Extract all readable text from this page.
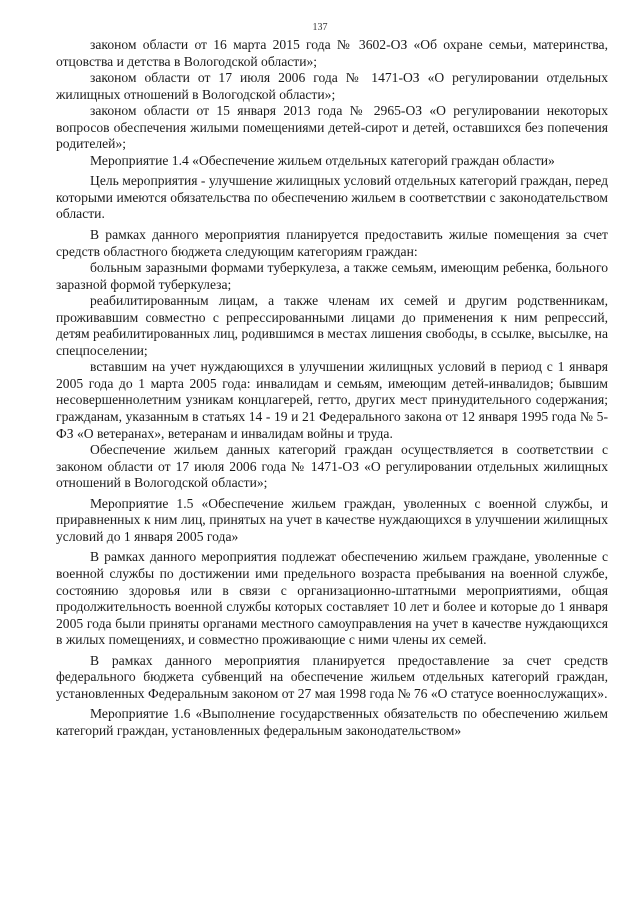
137

законом области от 16 марта 2015 года № 3602-ОЗ «Об охране семьи, материнства, отцовства и детства в Вологодской области»;

законом области от 17 июля 2006 года № 1471-ОЗ «О регулировании отдельных жилищных отношений в Вологодской области»;

законом области от 15 января 2013 года № 2965-ОЗ «О регулировании некоторых вопросов обеспечения жилыми помещениями детей-сирот и детей, оставшихся без попечения родителей»;

Мероприятие 1.4 «Обеспечение жильем отдельных категорий граждан области»

Цель мероприятия - улучшение жилищных условий отдельных категорий граждан, перед которыми имеются обязательства по обеспечению жильем в соответствии с законодательством области.

В рамках данного мероприятия планируется предоставить жилые помещения за счет средств областного бюджета следующим категориям граждан:

больным заразными формами туберкулеза, а также семьям, имеющим ребенка, больного заразной формой туберкулеза;

реабилитированным лицам, а также членам их семей и другим родственникам, проживавшим совместно с репрессированными лицами до применения к ним репрессий, детям реабилитированных лиц, родившимся в местах лишения свободы, в ссылке, высылке, на спецпоселении;

вставшим на учет нуждающихся в улучшении жилищных условий в период с 1 января 2005 года до 1 марта 2005 года: инвалидам и семьям, имеющим детей-инвалидов; бывшим несовершеннолетним узникам концлагерей, гетто, других мест принудительного содержания; гражданам, указанным в статьях 14 - 19 и 21 Федерального закона от 12 января 1995 года № 5-ФЗ «О ветеранах», ветеранам и инвалидам войны и труда.

Обеспечение жильем данных категорий граждан осуществляется в соответствии с законом области от 17 июля 2006 года № 1471-ОЗ «О регулировании отдельных жилищных отношений в Вологодской области»;

Мероприятие 1.5 «Обеспечение жильем граждан, уволенных с военной службы, и приравненных к ним лиц, принятых на учет в качестве нуждающихся в улучшении жилищных условий до 1 января 2005 года»

В рамках данного мероприятия подлежат обеспечению жильем граждане, уволенные с военной службы по достижении ими предельного возраста пребывания на военной службе, состоянию здоровья или в связи с организационно-штатными мероприятиями, общая продолжительность военной службы которых составляет 10 лет и более и которые до 1 января 2005 года были приняты органами местного самоуправления на учет в качестве нуждающихся в жилых помещениях, и совместно проживающие с ними члены их семей.

В рамках данного мероприятия планируется предоставление за счет средств федерального бюджета субвенций на обеспечение жильем отдельных категорий граждан, установленных Федеральным законом от 27 мая 1998 года № 76 «О статусе военнослужащих».

Мероприятие 1.6 «Выполнение государственных обязательств по обеспечению жильем категорий граждан, установленных федеральным законодательством»
